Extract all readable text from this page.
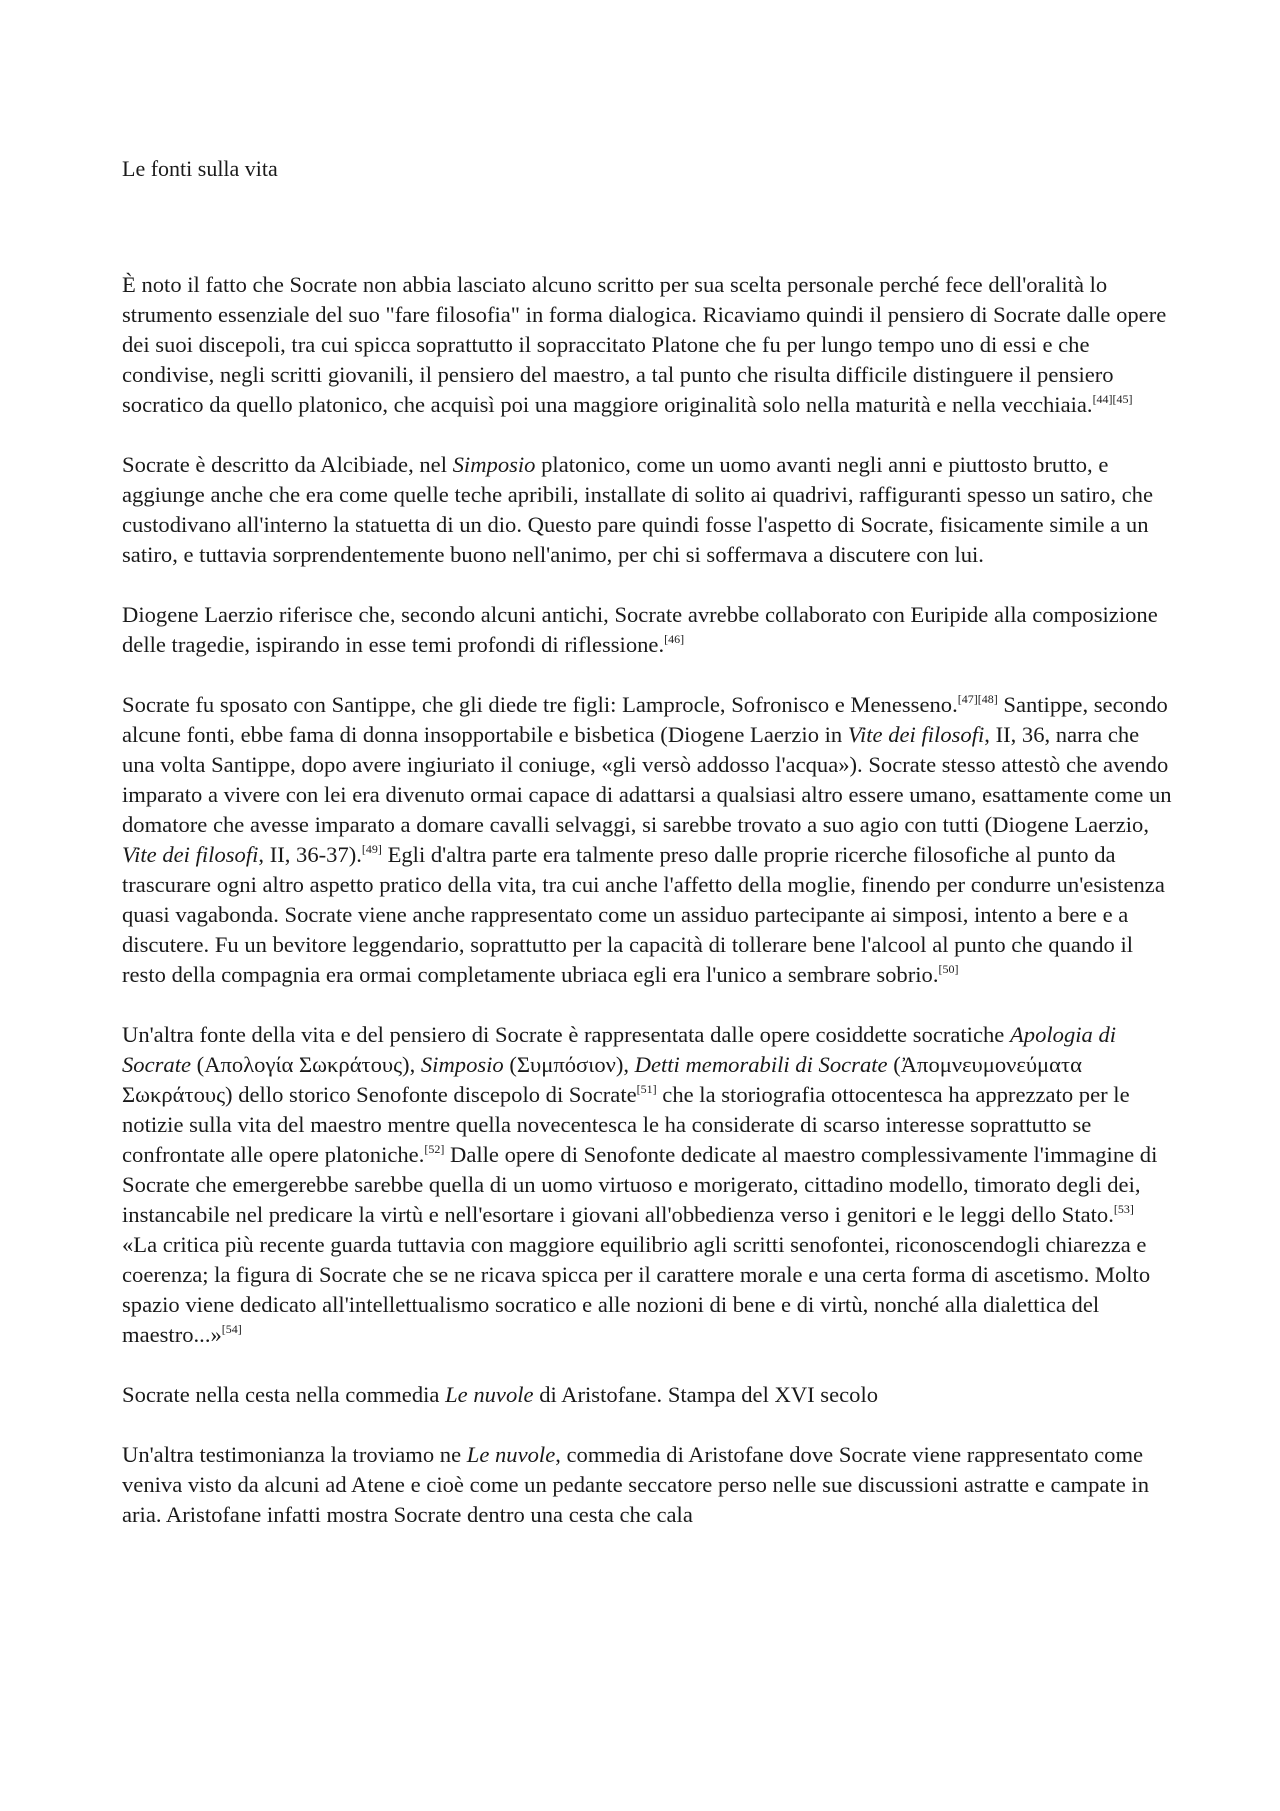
Le fonti sulla vita

È noto il fatto che Socrate non abbia lasciato alcuno scritto per sua scelta personale perché fece dell'oralità lo strumento essenziale del suo "fare filosofia" in forma dialogica. Ricaviamo quindi il pensiero di Socrate dalle opere dei suoi discepoli, tra cui spicca soprattutto il sopraccitato Platone che fu per lungo tempo uno di essi e che condivise, negli scritti giovanili, il pensiero del maestro, a tal punto che risulta difficile distinguere il pensiero socratico da quello platonico, che acquisì poi una maggiore originalità solo nella maturità e nella vecchiaia.[44][45]

Socrate è descritto da Alcibiade, nel Simposio platonico, come un uomo avanti negli anni e piuttosto brutto, e aggiunge anche che era come quelle teche apribili, installate di solito ai quadrivi, raffiguranti spesso un satiro, che custodivano all'interno la statuetta di un dio. Questo pare quindi fosse l'aspetto di Socrate, fisicamente simile a un satiro, e tuttavia sorprendentemente buono nell'animo, per chi si soffermava a discutere con lui.

Diogene Laerzio riferisce che, secondo alcuni antichi, Socrate avrebbe collaborato con Euripide alla composizione delle tragedie, ispirando in esse temi profondi di riflessione.[46]

Socrate fu sposato con Santippe, che gli diede tre figli: Lamprocle, Sofronisco e Menesseno.[47][48] Santippe, secondo alcune fonti, ebbe fama di donna insopportabile e bisbetica (Diogene Laerzio in Vite dei filosofi, II, 36, narra che una volta Santippe, dopo avere ingiuriato il coniuge, «gli versò addosso l'acqua»). Socrate stesso attestò che avendo imparato a vivere con lei era divenuto ormai capace di adattarsi a qualsiasi altro essere umano, esattamente come un domatore che avesse imparato a domare cavalli selvaggi, si sarebbe trovato a suo agio con tutti (Diogene Laerzio, Vite dei filosofi, II, 36-37).[49] Egli d'altra parte era talmente preso dalle proprie ricerche filosofiche al punto da trascurare ogni altro aspetto pratico della vita, tra cui anche l'affetto della moglie, finendo per condurre un'esistenza quasi vagabonda. Socrate viene anche rappresentato come un assiduo partecipante ai simposi, intento a bere e a discutere. Fu un bevitore leggendario, soprattutto per la capacità di tollerare bene l'alcool al punto che quando il resto della compagnia era ormai completamente ubriaca egli era l'unico a sembrare sobrio.[50]

Un'altra fonte della vita e del pensiero di Socrate è rappresentata dalle opere cosiddette socratiche Apologia di Socrate (Απολογία Σωκράτους), Simposio (Συμπόσιον), Detti memorabili di Socrate (Ἀπομνευμονεύματα Σωκράτους) dello storico Senofonte discepolo di Socrate[51] che la storiografia ottocentesca ha apprezzato per le notizie sulla vita del maestro mentre quella novecentesca le ha considerate di scarso interesse soprattutto se confrontate alle opere platoniche.[52] Dalle opere di Senofonte dedicate al maestro complessivamente l'immagine di Socrate che emergerebbe sarebbe quella di un uomo virtuoso e morigerato, cittadino modello, timorato degli dei, instancabile nel predicare la virtù e nell'esortare i giovani all'obbedienza verso i genitori e le leggi dello Stato.[53] «La critica più recente guarda tuttavia con maggiore equilibrio agli scritti senofontei, riconoscendogli chiarezza e coerenza; la figura di Socrate che se ne ricava spicca per il carattere morale e una certa forma di ascetismo. Molto spazio viene dedicato all'intellettualismo socratico e alle nozioni di bene e di virtù, nonché alla dialettica del maestro...»[54]

Socrate nella cesta nella commedia Le nuvole di Aristofane. Stampa del XVI secolo

Un'altra testimonianza la troviamo ne Le nuvole, commedia di Aristofane dove Socrate viene rappresentato come veniva visto da alcuni ad Atene e cioè come un pedante seccatore perso nelle sue discussioni astratte e campate in aria. Aristofane infatti mostra Socrate dentro una cesta che cala
